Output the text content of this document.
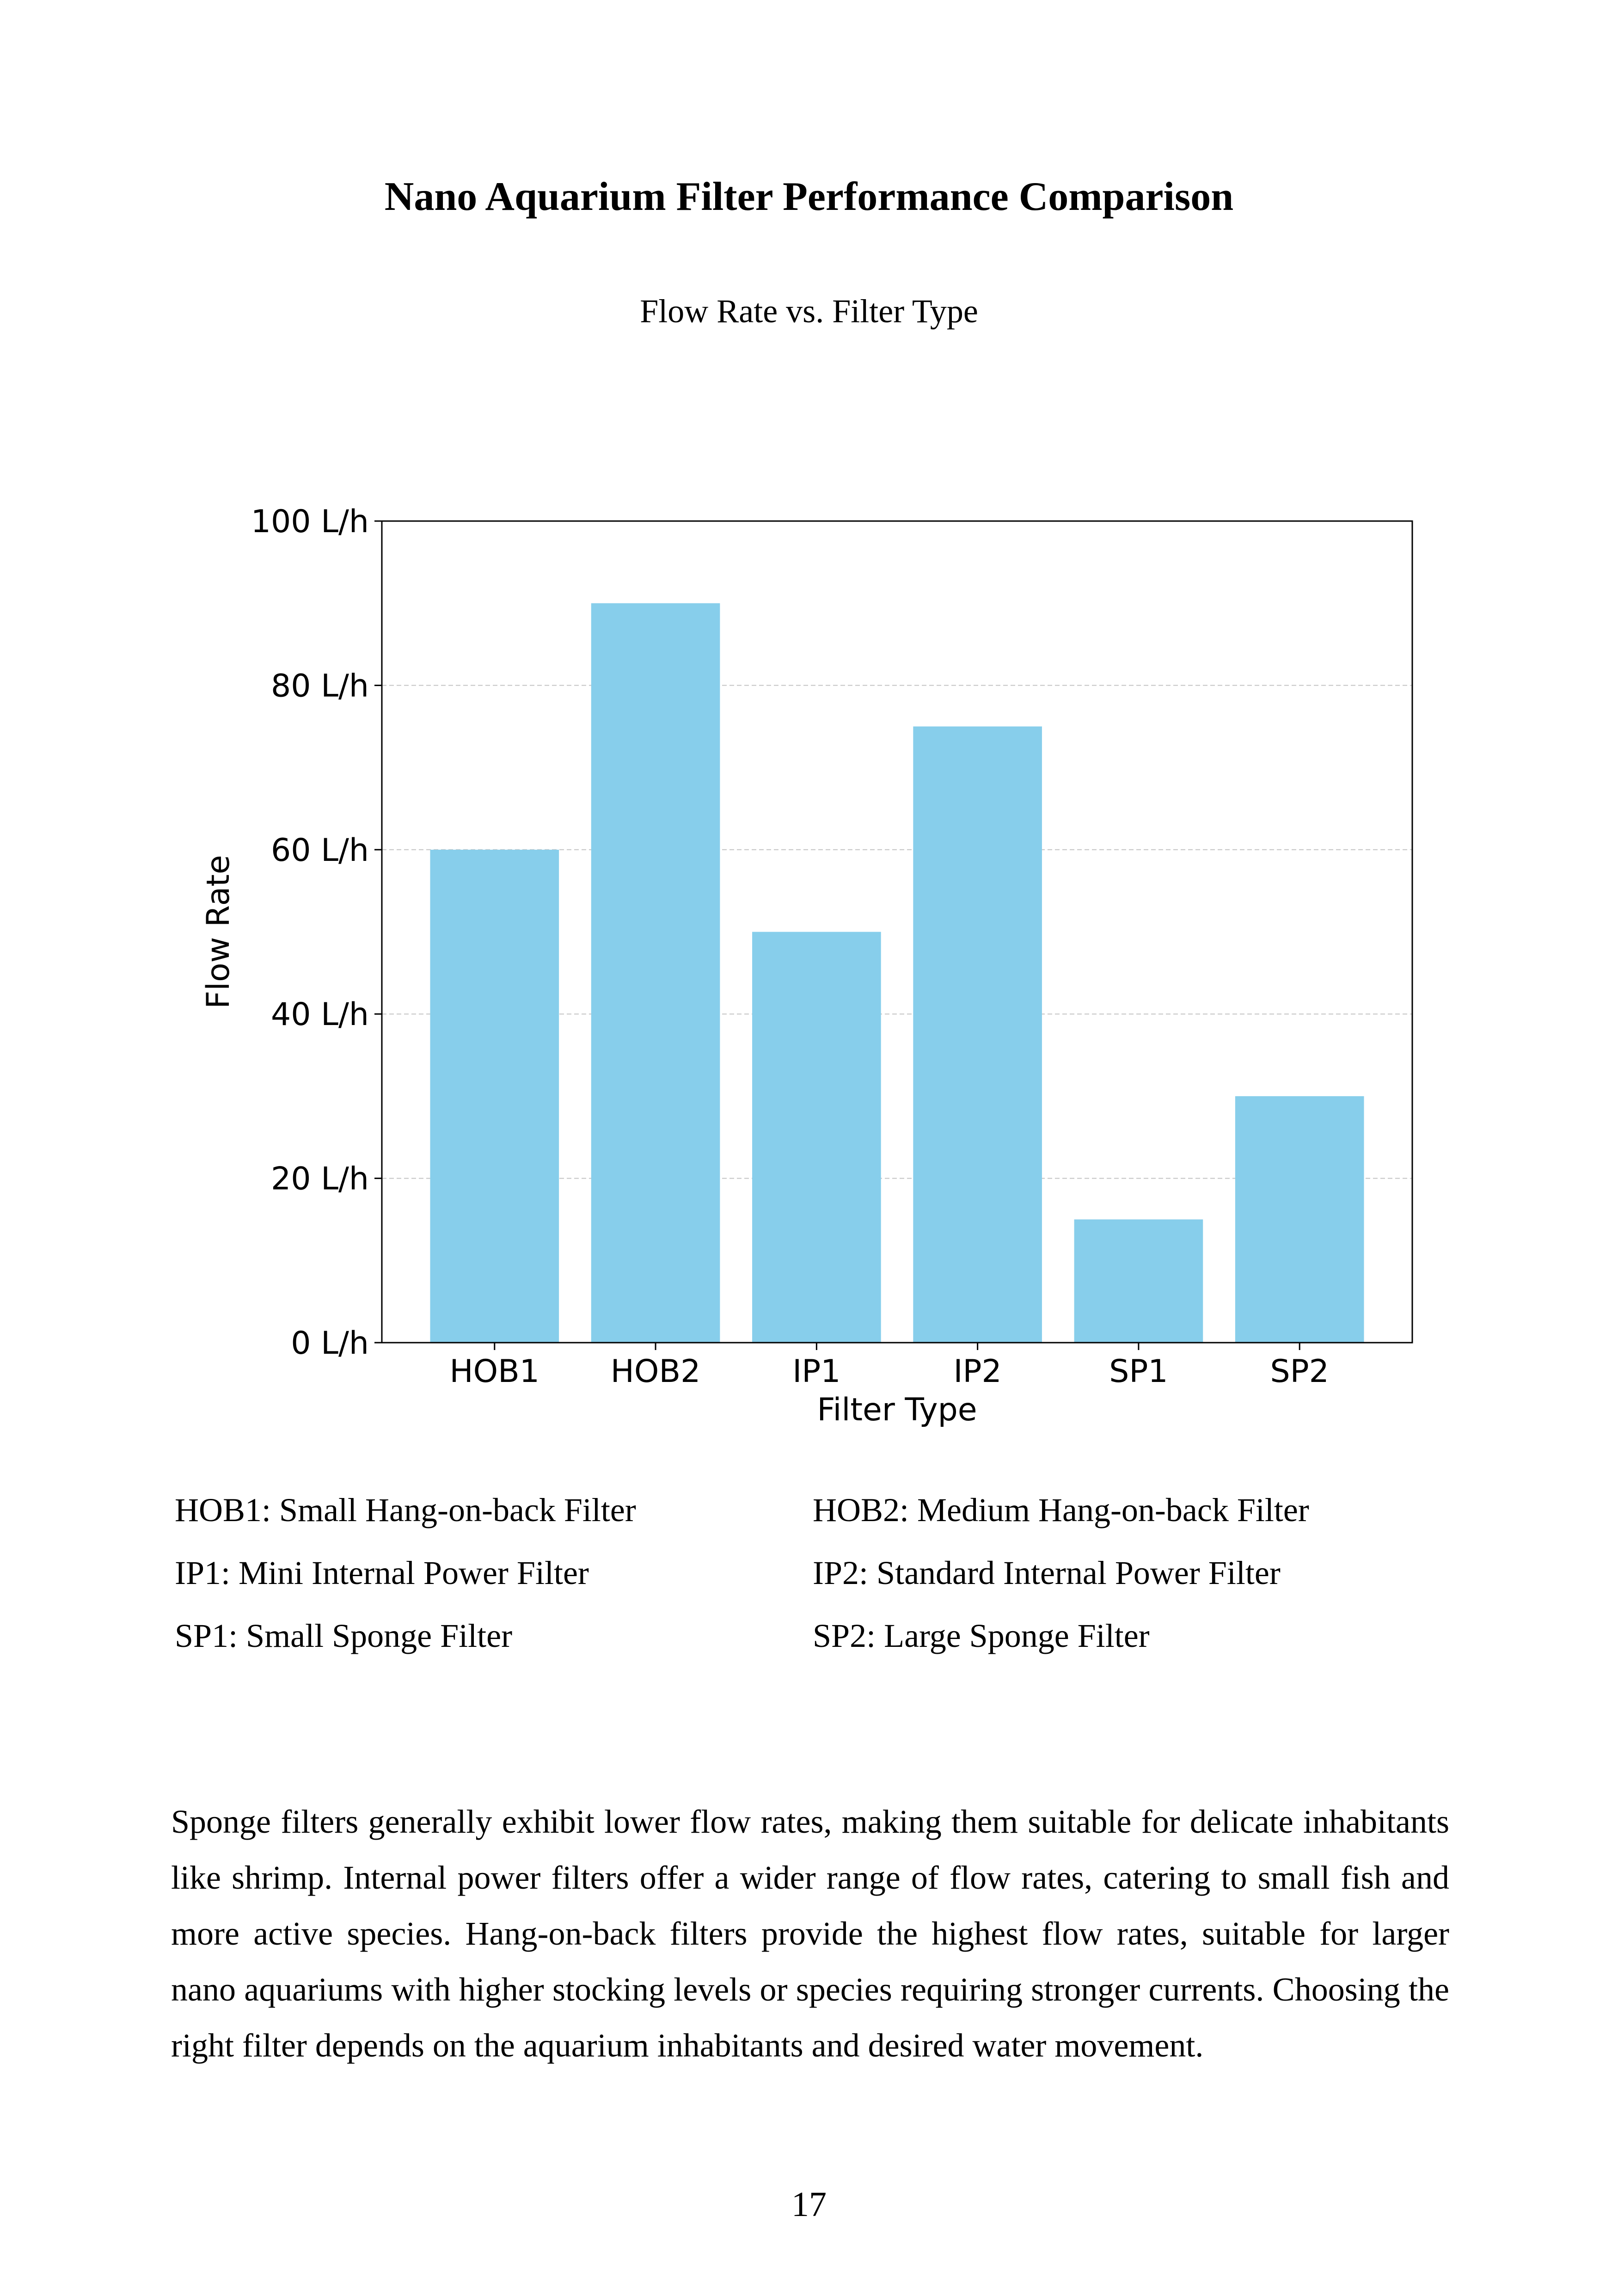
Nano Aquarium Filter Performance Comparison
Flow Rate vs. Filter Type
0 L/h
20 L/h
40 L/h
60 L/h
80 L/h
100 L/h
HOB1 HOB2	IP1	IP2	SP1	SP2
Flow Rate
Filter Type
HOB1: Small Hang-on-back Filter	HOB2: Medium Hang-on-back Filter
IP1: Mini Internal Power Filter	IP2: Standard Internal Power Filter
SP1: Small Sponge Filter	SP2: Large Sponge Filter
Sponge filters generally exhibit lower flow rates, making them suitable for delicate inhabitants like shrimp. Internal power filters offer a wider range of flow rates, catering to small fish and more active species. Hang-on-back filters provide the highest flow rates, suitable for larger nano aquariums with higher stocking levels or species requiring stronger currents. Choosing the right filter depends on the aquarium inhabitants and desired water movement.
17
